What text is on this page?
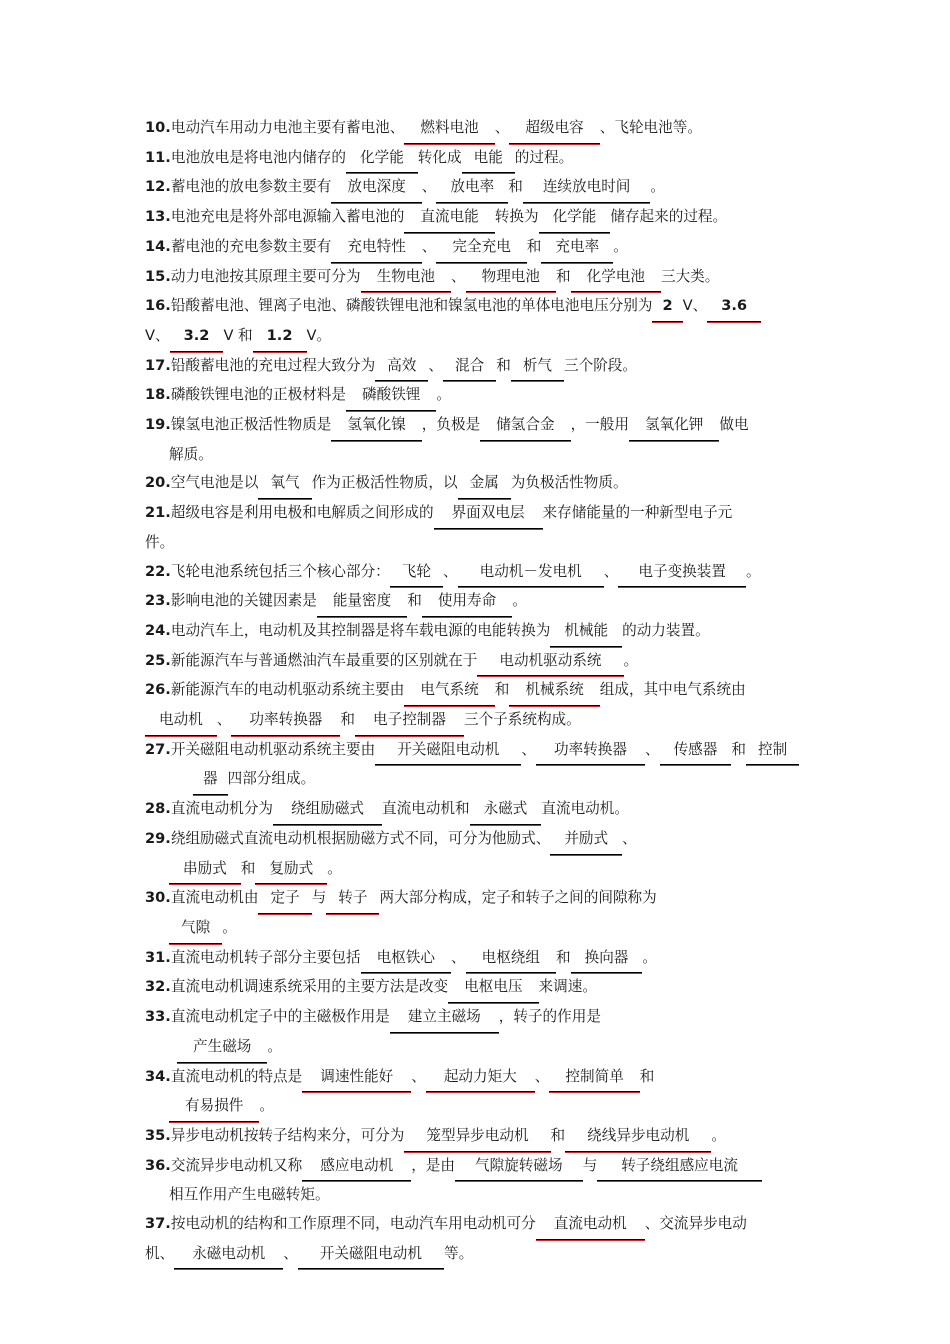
10.电动汽车用动力电池主要有蓄电池、 燃料电池 、 超级电容 、飞轮电池等。

11.电池放电是将电池内储存的 化学能 转化成 电能 的过程。

12.蓄电池的放电参数主要有 放电深度 、 放电率 和 连续放电时间 。

13.电池充电是将外部电源输入蓄电池的 直流电能 转换为 化学能 储存起来的过程。

14.蓄电池的充电参数主要有 充电特性 、 完全充电 和 充电率 。

15.动力电池按其原理主要可分为 生物电池 、 物理电池 和 化学电池 三大类。

16.铅酸蓄电池、锂离子电池、磷酸铁锂电池和镍氢电池的单体电池电压分别为 2 V、 3.6
V、 3.2 V 和 1.2 V。

17.铅酸蓄电池的充电过程大致分为 高效 、 混合 和 析气 三个阶段。

18.磷酸铁锂电池的正极材料是 磷酸铁锂 。

19.镍氢电池正极活性物质是 氢氧化镍 ，负极是 储氢合金 ，一般用 氢氧化钾 做电
解质。

20.空气电池是以 氧气 作为正极活性物质，以 金属 为负极活性物质。

21.超级电容是利用电极和电解质之间形成的 界面双电层 来存储能量的一种新型电子元
件。

22.飞轮电池系统包括三个核心部分： 飞轮 、 电动机－发电机 、 电子变换装置 。

23.影响电池的关键因素是 能量密度 和 使用寿命 。

24.电动汽车上，电动机及其控制器是将车载电源的电能转换为 机械能 的动力装置。

25.新能源汽车与普通燃油汽车最重要的区别就在于 电动机驱动系统 。

26.新能源汽车的电动机驱动系统主要由 电气系统 和 机械系统 组成，其中电气系统由
电动机 、 功率转换器 和 电子控制器 三个子系统构成。

27.开关磁阻电动机驱动系统主要由 开关磁阻电动机 、 功率转换器 、 传感器 和 控制
器 四部分组成。

28.直流电动机分为 绕组励磁式 直流电动机和 永磁式 直流电动机。

29.绕组励磁式直流电动机根据励磁方式不同，可分为他励式、 并励式 、
串励式 和 复励式 。

30.直流电动机由 定子 与 转子 两大部分构成，定子和转子之间的间隙称为
气隙 。

31.直流电动机转子部分主要包括 电枢铁心 、 电枢绕组 和 换向器 。

32.直流电动机调速系统采用的主要方法是改变 电枢电压 来调速。

33.直流电动机定子中的主磁极作用是 建立主磁场 ，转子的作用是
产生磁场 。

34.直流电动机的特点是 调速性能好 、 起动力矩大 、 控制简单 和
有易损件 。

35.异步电动机按转子结构来分，可分为 笼型异步电动机 和 绕线异步电动机 。

36.交流异步电动机又称 感应电动机 ，是由 气隙旋转磁场 与 转子绕组感应电流
相互作用产生电磁转矩。

37.按电动机的结构和工作原理不同，电动汽车用电动机可分 直流电动机 、交流异步电动
机、 永磁电动机 、 开关磁阻电动机 等。
